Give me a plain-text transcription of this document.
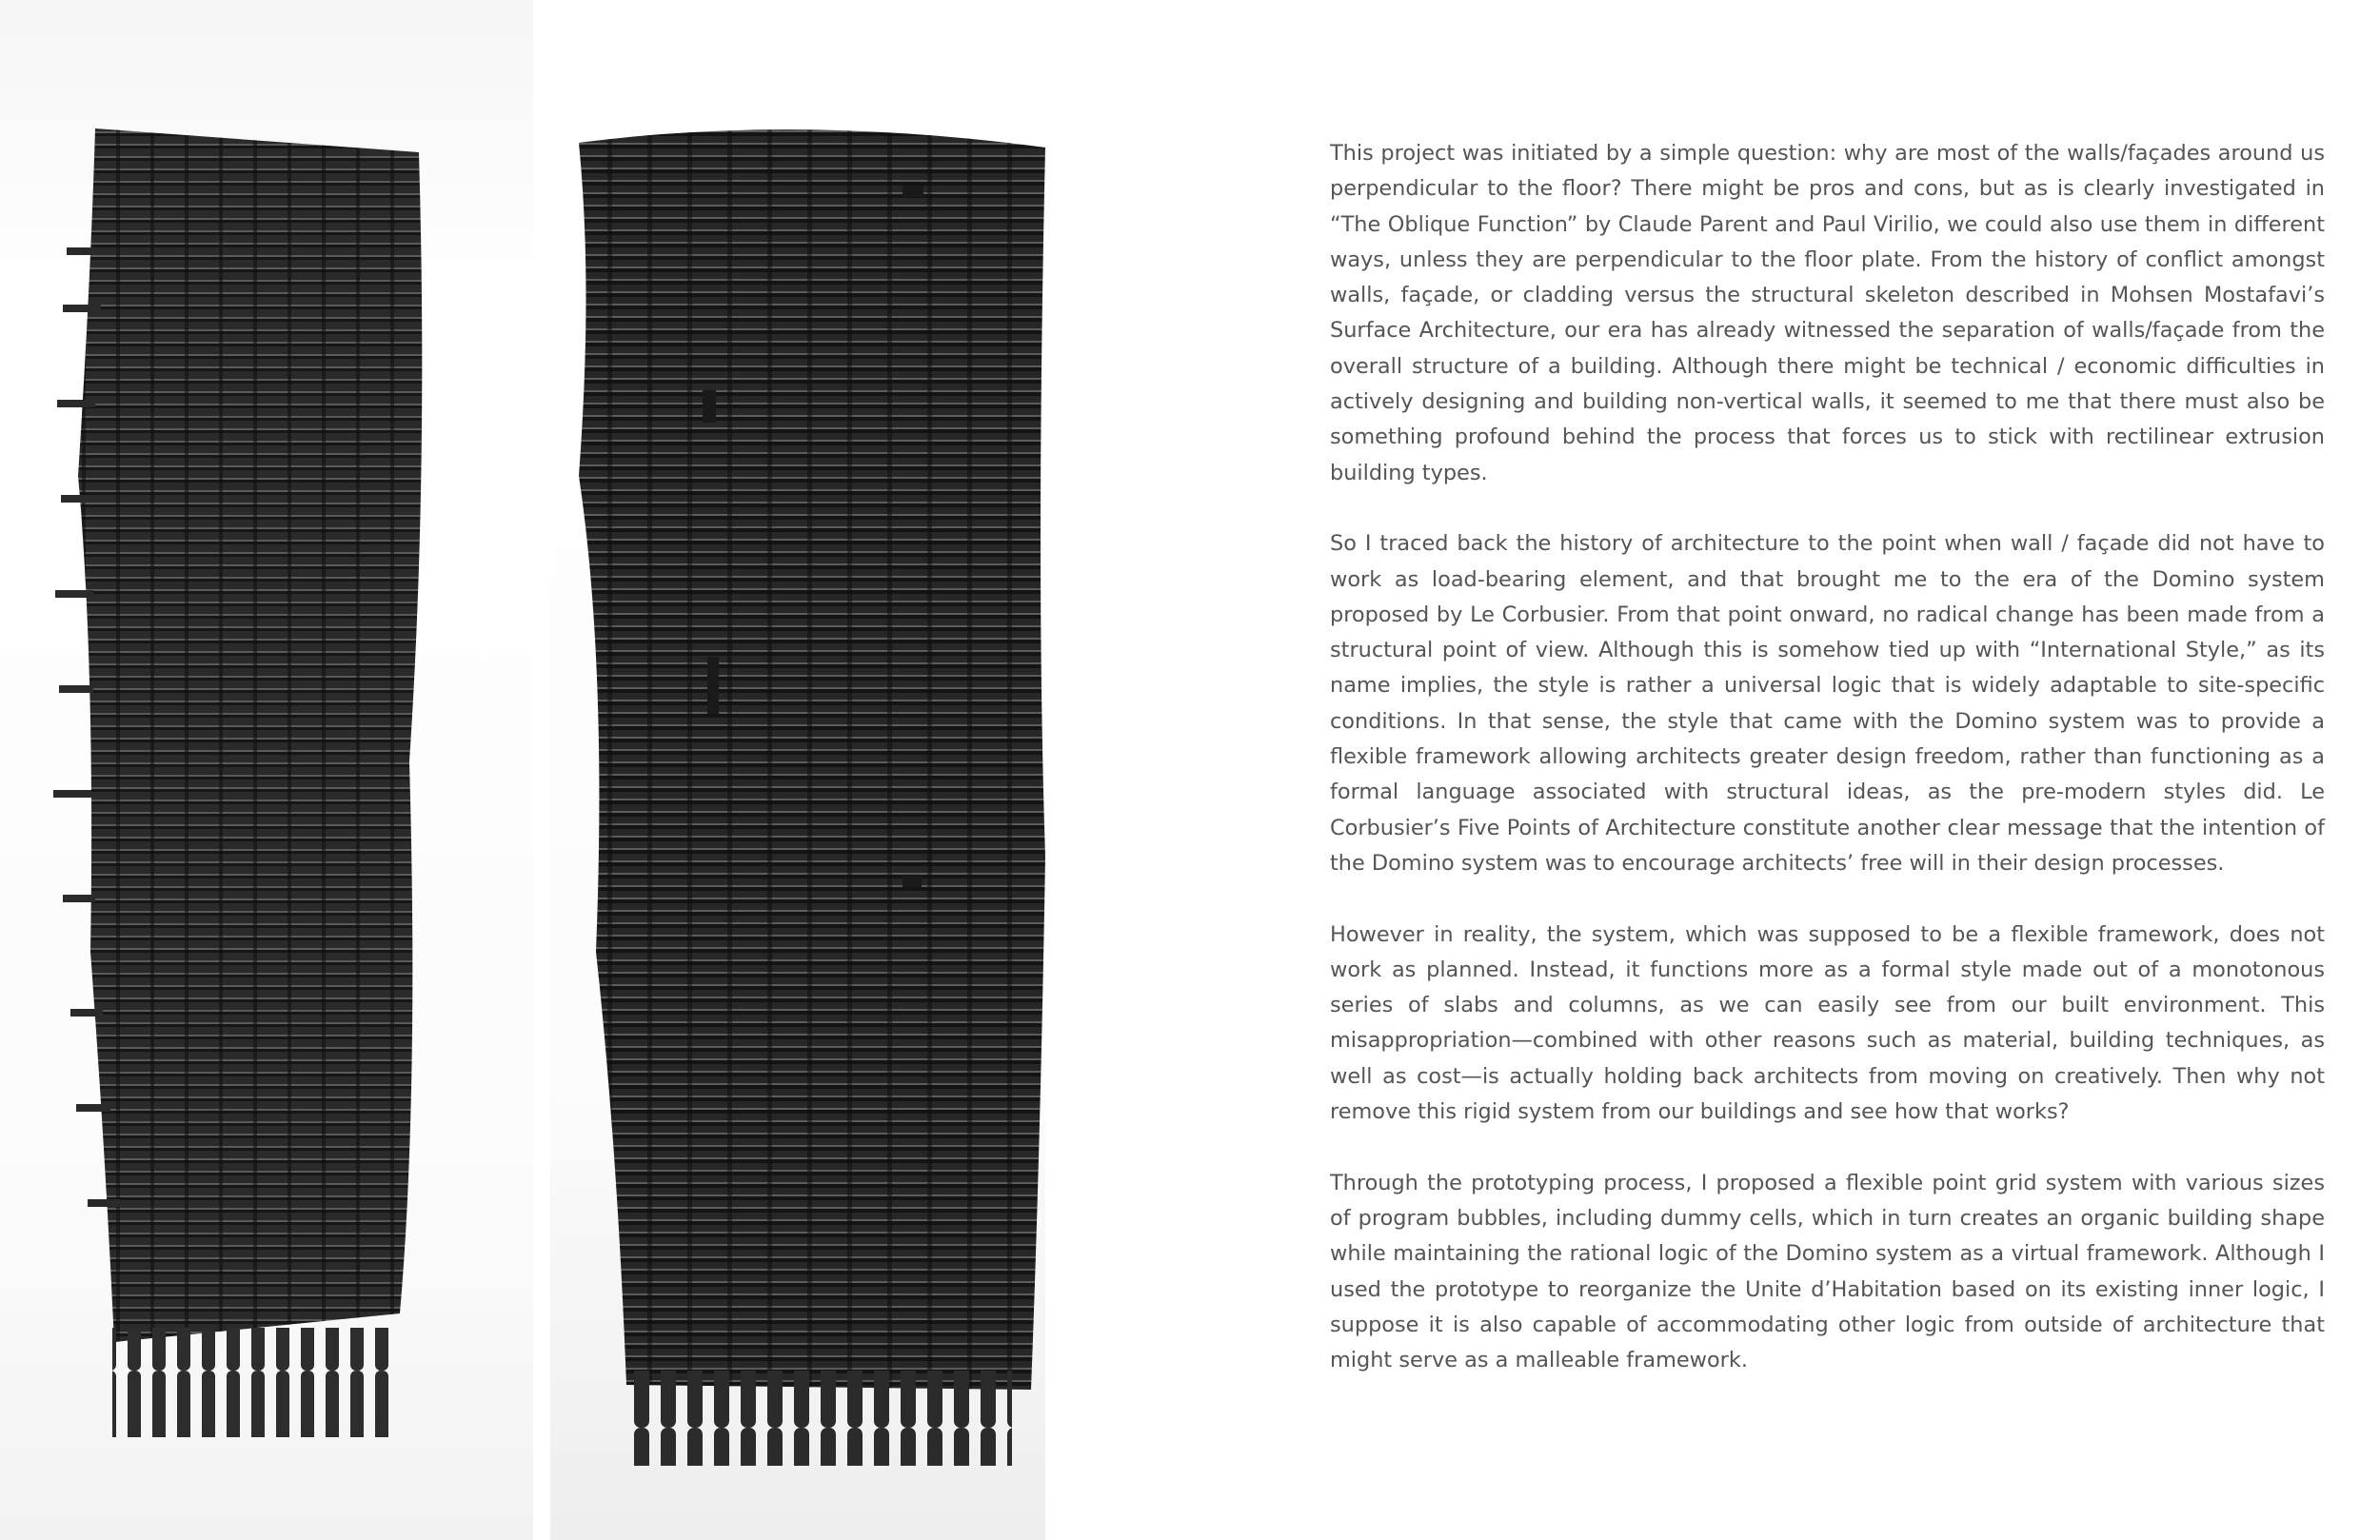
This project was initiated by a simple question: why are most of the walls/façades around us perpendicular to the floor? There might be pros and cons, but as is clearly investigated in “The Oblique Function” by Claude Parent and Paul Virilio, we could also use them in different ways, unless they are perpendicular to the floor plate. From the history of conflict amongst walls, façade, or cladding versus the structural skeleton described in Mohsen Mostafavi’s Surface Architecture, our era has already witnessed the separation of walls/façade from the overall structure of a building. Although there might be technical / economic difficulties in actively designing and building non-vertical walls, it seemed to me that there must also be something profound behind the process that forces us to stick with rectilinear extrusion building types.

So I traced back the history of architecture to the point when wall / façade did not have to work as load-bearing element, and that brought me to the era of the Domino system proposed by Le Corbusier. From that point onward, no radical change has been made from a structural point of view. Although this is somehow tied up with “International Style,” as its name implies, the style is rather a universal logic that is widely adaptable to site-specific conditions. In that sense, the style that came with the Domino system was to provide a flexible framework allowing architects greater design freedom, rather than functioning as a formal language associated with structural ideas, as the pre-modern styles did. Le Corbusier’s Five Points of Architecture constitute another clear message that the intention of the Domino system was to encourage architects’ free will in their design processes.

However in reality, the system, which was supposed to be a flexible framework, does not work as planned. Instead, it functions more as a formal style made out of a monotonous series of slabs and columns, as we can easily see from our built environment. This misappropriation—combined with other reasons such as material, building techniques, as well as cost—is actually holding back architects from moving on creatively. Then why not remove this rigid system from our buildings and see how that works?

Through the prototyping process, I proposed a flexible point grid system with various sizes of program bubbles, including dummy cells, which in turn creates an organic building shape while maintaining the rational logic of the Domino system as a virtual framework. Although I used the prototype to reorganize the Unite d’Habitation based on its existing inner logic, I suppose it is also capable of accommodating other logic from outside of architecture that might serve as a malleable framework.
